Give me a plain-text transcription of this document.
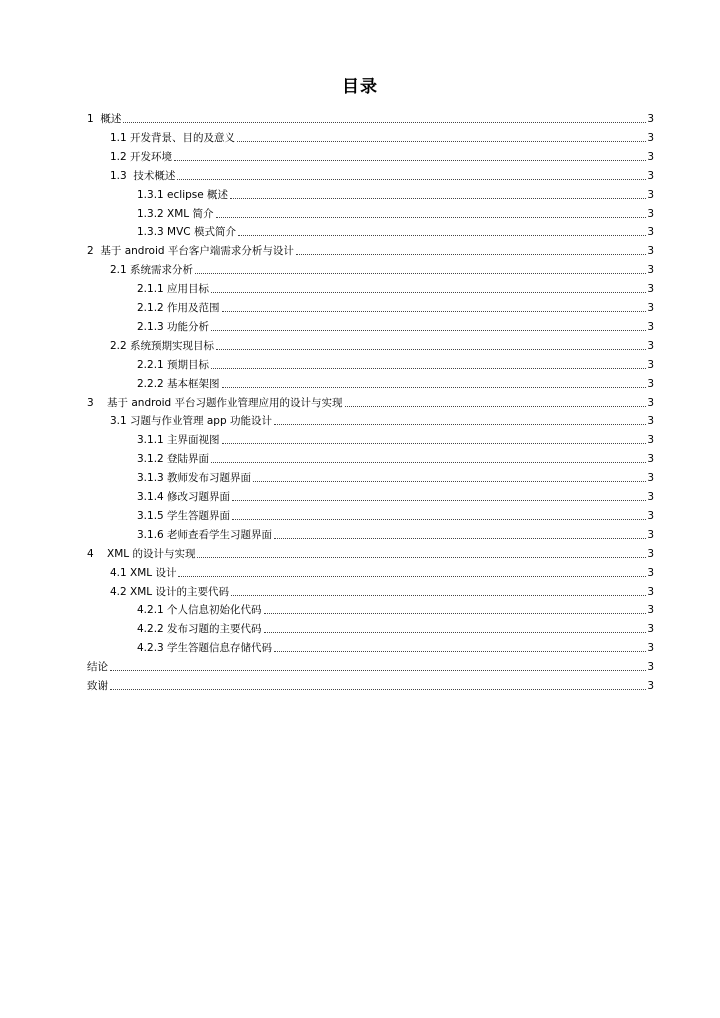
目录
1  概述	3
1.1 开发背景、目的及意义	3
1.2 开发环境	3
1.3  技术概述	3
1.3.1 eclipse 概述	3
1.3.2 XML 简介	3
1.3.3 MVC 模式简介	3
2  基于 android 平台客户端需求分析与设计	3
2.1 系统需求分析	3
2.1.1 应用目标	3
2.1.2 作用及范围	3
2.1.3 功能分析	3
2.2 系统预期实现目标	3
2.2.1 预期目标	3
2.2.2 基本框架图	3
3    基于 android 平台习题作业管理应用的设计与实现	3
3.1 习题与作业管理 app 功能设计	3
3.1.1 主界面视图	3
3.1.2 登陆界面	3
3.1.3 教师发布习题界面	3
3.1.4 修改习题界面	3
3.1.5 学生答题界面	3
3.1.6 老师查看学生习题界面	3
4    XML 的设计与实现	3
4.1 XML 设计	3
4.2 XML 设计的主要代码	3
4.2.1 个人信息初始化代码	3
4.2.2 发布习题的主要代码	3
4.2.3 学生答题信息存储代码	3
结论	3
致谢	3
